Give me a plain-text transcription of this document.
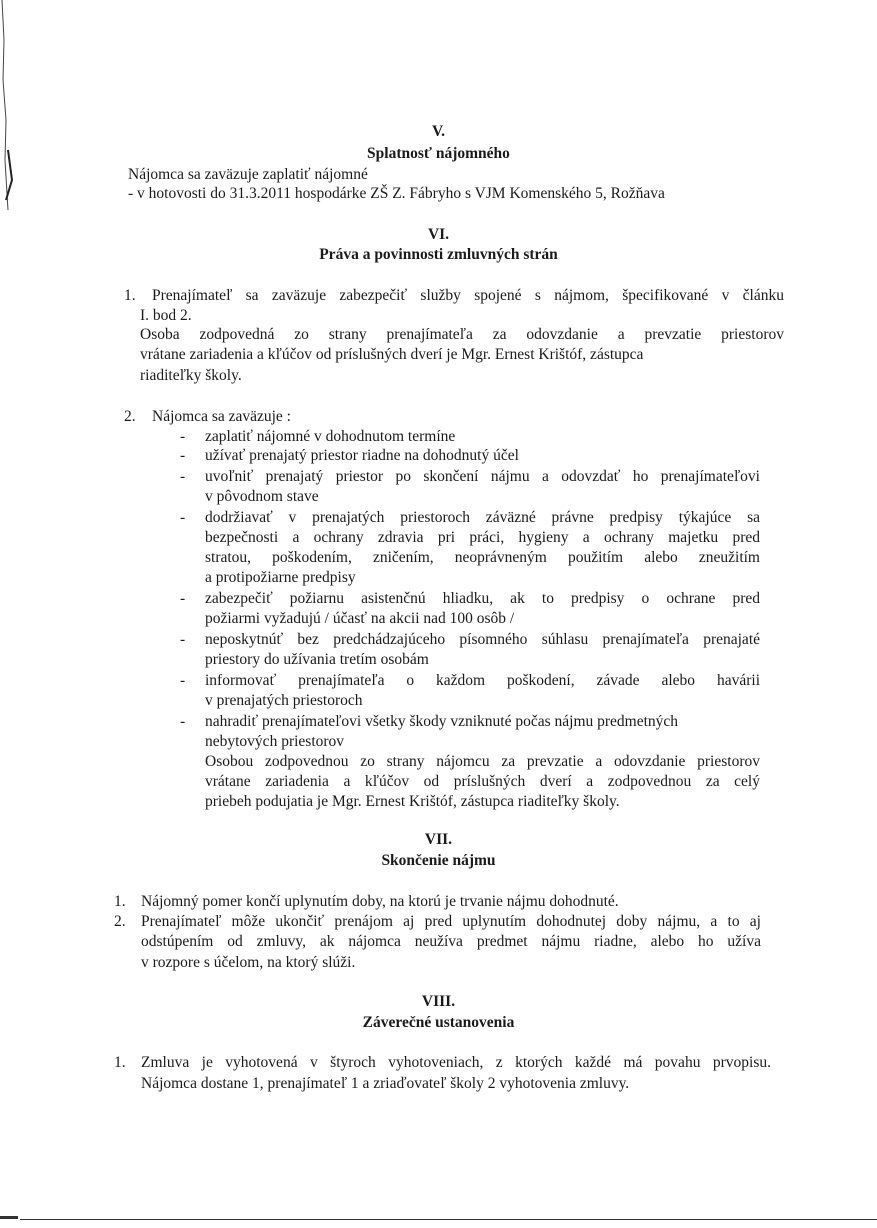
V.
Splatnosť nájomného
Nájomca sa zaväzuje zaplatiť nájomné
- v hotovosti do 31.3.2011 hospodárke ZŠ Z. Fábryho s VJM Komenského 5, Rožňava
VI.
Práva a povinnosti zmluvných strán
1. Prenajímateľ sa zaväzuje zabezpečiť služby spojené s nájmom, špecifikované v článku
I. bod 2.
Osoba zodpovedná zo strany prenajímateľa za odovzdanie a prevzatie priestorov
vrátane zariadenia a kľúčov od príslušných dverí je Mgr. Ernest Krištóf, zástupca
riaditeľky školy.
2. Nájomca sa zaväzuje :
- zaplatiť nájomné v dohodnutom termíne
- užívať prenajatý priestor riadne na dohodnutý účel
- uvoľniť prenajatý priestor po skončení nájmu a odovzdať ho prenajímateľovi
v pôvodnom stave
- dodržiavať v prenajatých priestoroch záväzné právne predpisy týkajúce sa
bezpečnosti a ochrany zdravia pri práci, hygieny a ochrany majetku pred
stratou, poškodením, zničením, neoprávneným použitím alebo zneužitím
a protipožiarne predpisy
- zabezpečiť požiarnu asistenčnú hliadku, ak to predpisy o ochrane pred
požiarmi vyžadujú / účasť na akcii nad 100 osôb /
- neposkytnúť bez predchádzajúceho písomného súhlasu prenajímateľa prenajaté
priestory do užívania tretím osobám
- informovať prenajímateľa o každom poškodení, závade alebo havárii
v prenajatých priestoroch
- nahradiť prenajímateľovi všetky škody vzniknuté počas nájmu predmetných
nebytových priestorov
Osobou zodpovednou zo strany nájomcu za prevzatie a odovzdanie priestorov
vrátane zariadenia a kľúčov od príslušných dverí a zodpovednou za celý
priebeh podujatia je Mgr. Ernest Krištóf, zástupca riaditeľky školy.
VII.
Skončenie nájmu
1. Nájomný pomer končí uplynutím doby, na ktorú je trvanie nájmu dohodnuté.
2. Prenajímateľ môže ukončiť prenájom aj pred uplynutím dohodnutej doby nájmu, a to aj
odstúpením od zmluvy, ak nájomca neužíva predmet nájmu riadne, alebo ho užíva
v rozpore s účelom, na ktorý slúži.
VIII.
Záverečné ustanovenia
1. Zmluva je vyhotovená v štyroch vyhotoveniach, z ktorých každé má povahu prvopisu.
Nájomca dostane 1, prenajímateľ 1 a zriaďovateľ školy 2 vyhotovenia zmluvy.
